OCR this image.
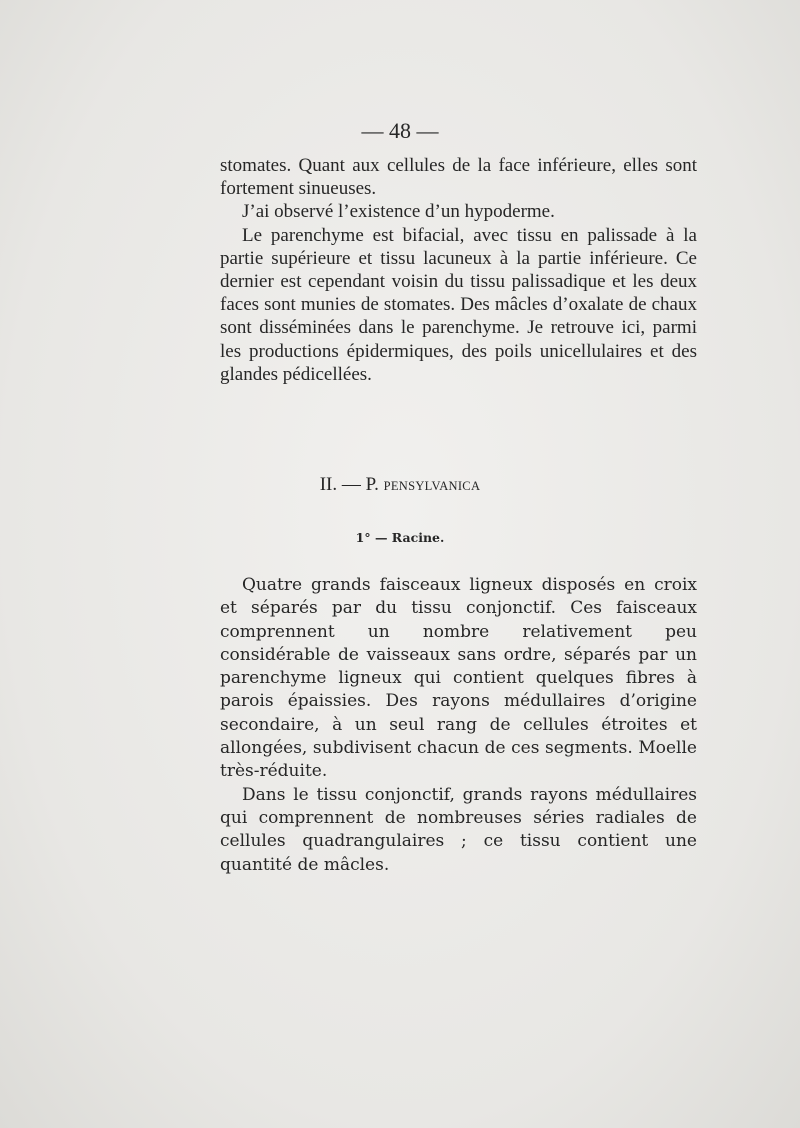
— 48 —

stomates. Quant aux cellules de la face inférieure, elles sont fortement sinueuses.

J’ai observé l’existence d’un hypoderme.

Le parenchyme est bifacial, avec tissu en palissade à la partie supérieure et tissu lacuneux à la partie inférieure. Ce dernier est cependant voisin du tissu palissadique et les deux faces sont munies de stomates. Des mâcles d’oxalate de chaux sont disséminées dans le parenchyme. Je retrouve ici, parmi les productions épidermiques, des poils unicellulaires et des glandes pédicellées.

II. — P. PENSYLVANICA
1° — Racine.

Quatre grands faisceaux ligneux disposés en croix et séparés par du tissu conjonctif. Ces faisceaux comprennent un nombre relativement peu considérable de vaisseaux sans ordre, séparés par un parenchyme ligneux qui contient quelques fibres à parois épaissies. Des rayons médullaires d’origine secondaire, à un seul rang de cellules étroites et allongées, subdivisent chacun de ces segments. Moelle très-réduite.

Dans le tissu conjonctif, grands rayons médullaires qui comprennent de nombreuses séries radiales de cellules quadrangulaires ; ce tissu contient une quantité de mâcles.
